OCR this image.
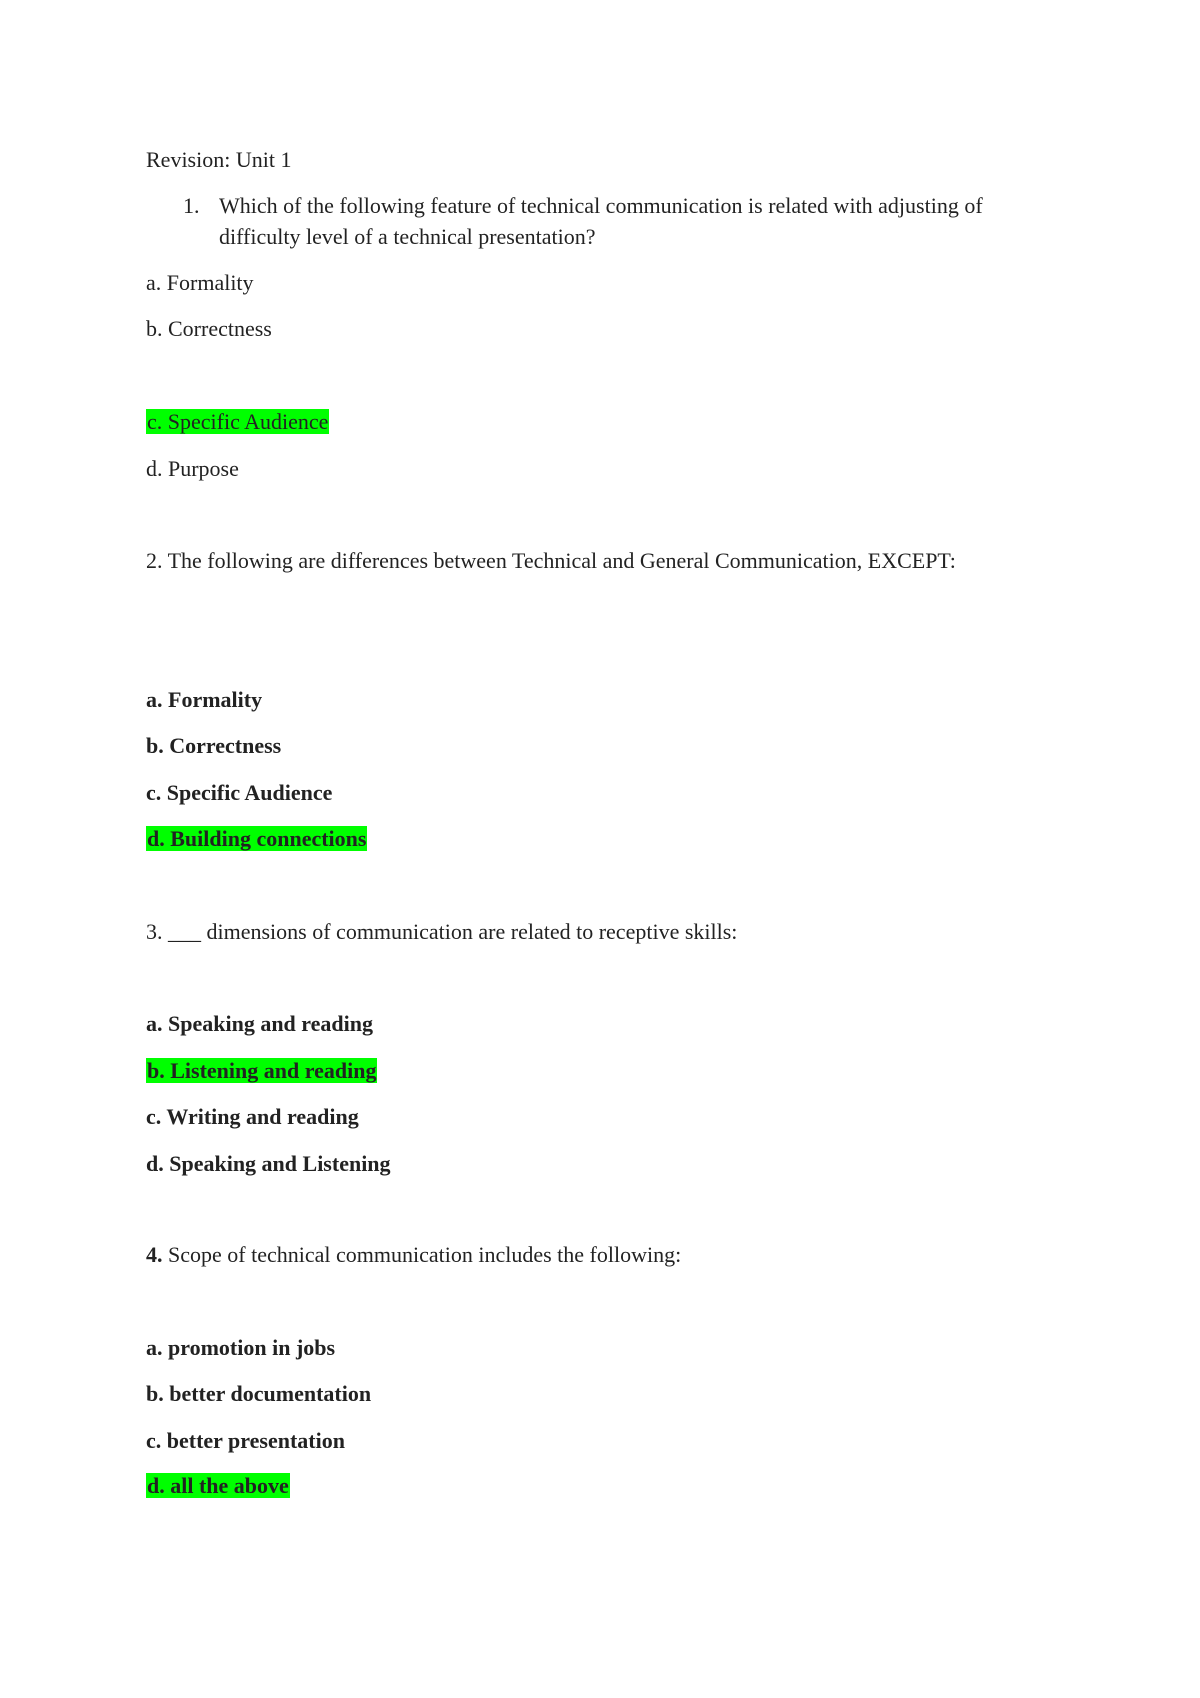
Revision: Unit 1
1. Which of the following feature of technical communication is related with adjusting of difficulty level of a technical presentation?
a. Formality
b. Correctness
c. Specific Audience
d. Purpose
2. The following are differences between Technical and General Communication, EXCEPT:
a. Formality
b. Correctness
c. Specific Audience
d. Building connections
3. ___ dimensions of communication are related to receptive skills:
a. Speaking and reading
b. Listening and reading
c. Writing and reading
d. Speaking and Listening
4. Scope of technical communication includes the following:
a. promotion in jobs
b. better documentation
c. better presentation
d. all the above
